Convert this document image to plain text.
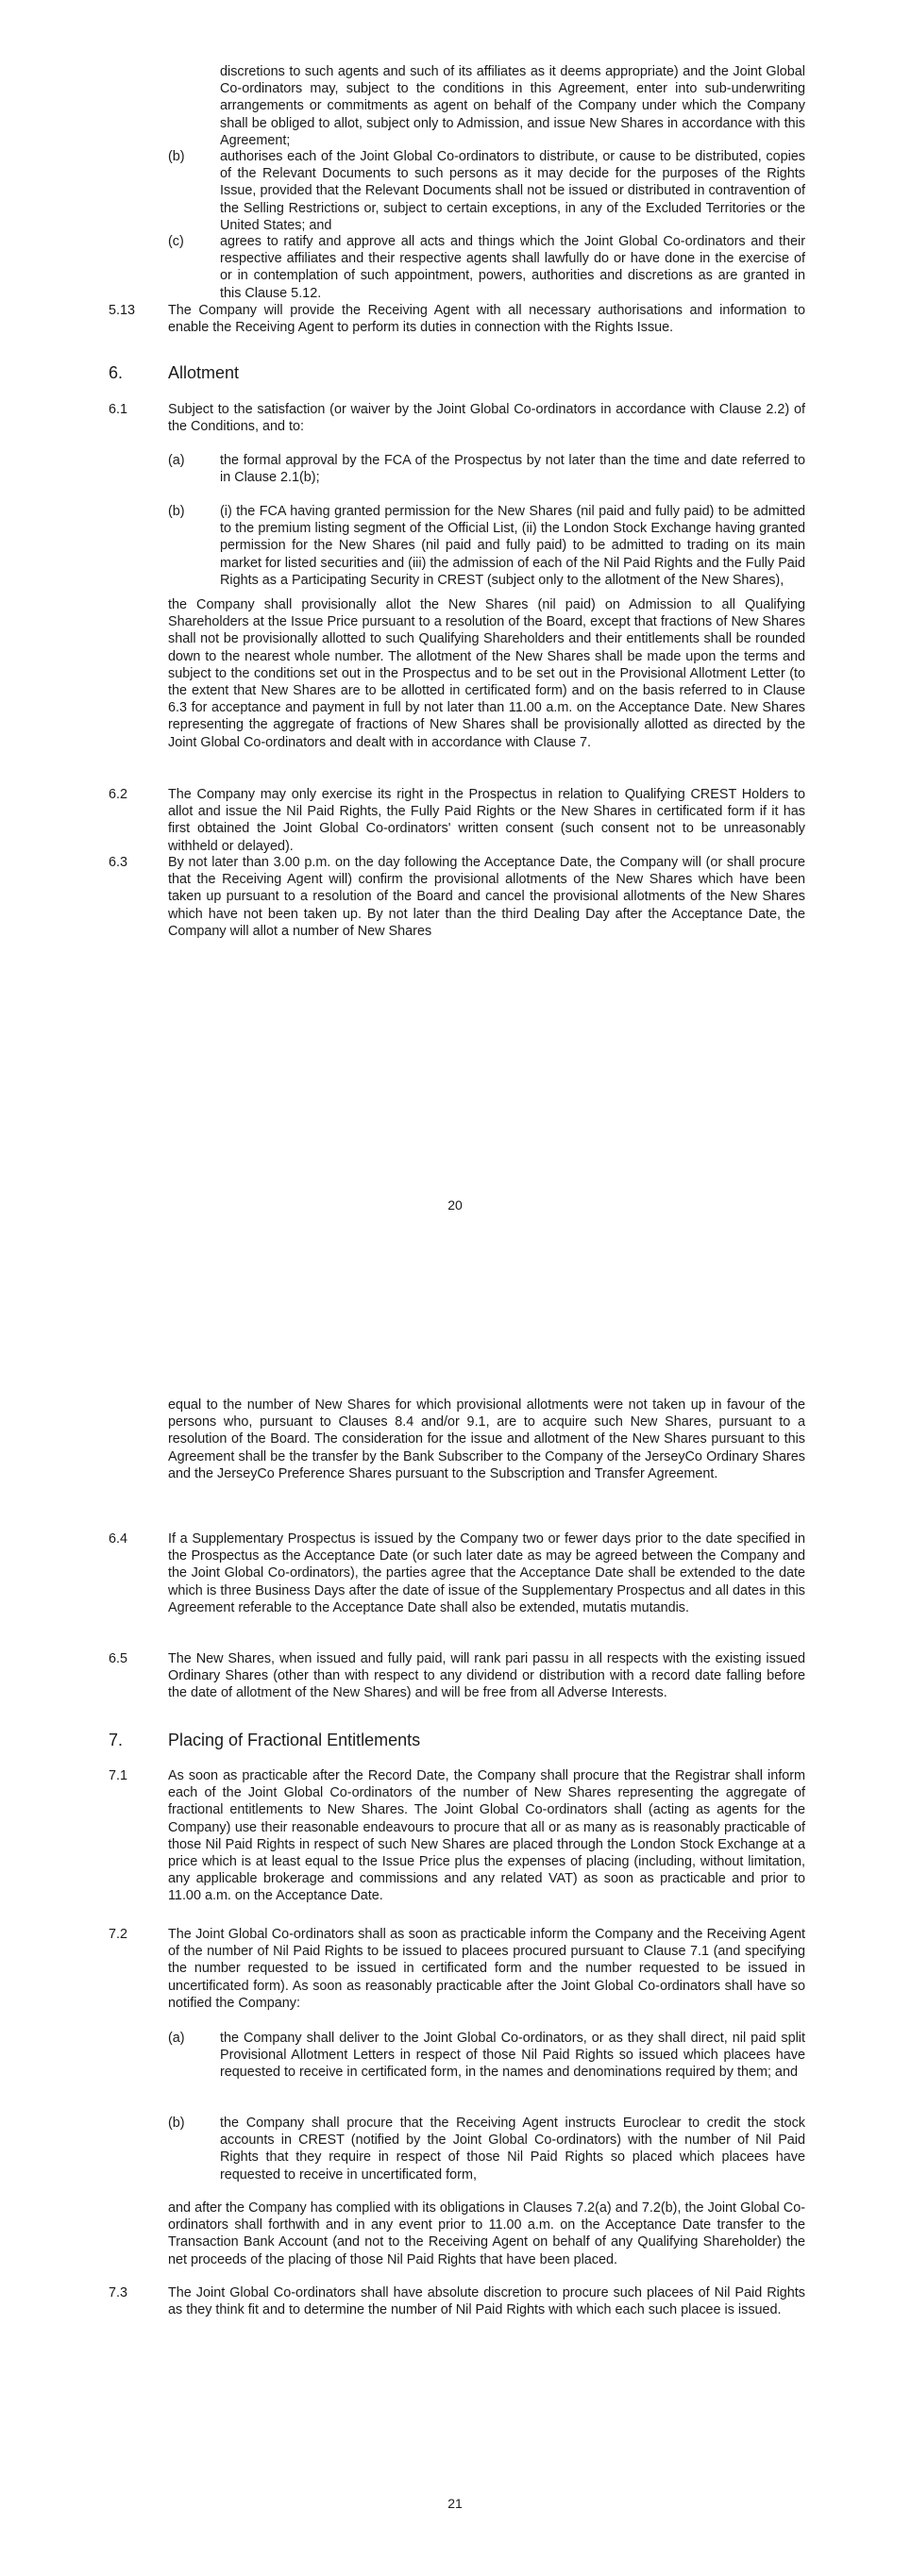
discretions to such agents and such of its affiliates as it deems appropriate) and the Joint Global Co-ordinators may, subject to the conditions in this Agreement, enter into sub-underwriting arrangements or commitments as agent on behalf of the Company under which the Company shall be obliged to allot, subject only to Admission, and issue New Shares in accordance with this Agreement;

(b)	authorises each of the Joint Global Co-ordinators to distribute, or cause to be distributed, copies of the Relevant Documents to such persons as it may decide for the purposes of the Rights Issue, provided that the Relevant Documents shall not be issued or distributed in contravention of the Selling Restrictions or, subject to certain exceptions, in any of the Excluded Territories or the United States; and

(c)	agrees to ratify and approve all acts and things which the Joint Global Co-ordinators and their respective affiliates and their respective agents shall lawfully do or have done in the exercise of or in contemplation of such appointment, powers, authorities and discretions as are granted in this Clause 5.12.

5.13 The Company will provide the Receiving Agent with all necessary authorisations and information to enable the Receiving Agent to perform its duties in connection with the Rights Issue.

6.	Allotment
6.1	Subject to the satisfaction (or waiver by the Joint Global Co-ordinators in accordance with Clause 2.2) of the Conditions, and to:

(a)	the formal approval by the FCA of the Prospectus by not later than the time and date referred to in Clause 2.1(b);

(b)	(i) the FCA having granted permission for the New Shares (nil paid and fully paid) to be admitted to the premium listing segment of the Official List, (ii) the London Stock Exchange having granted permission for the New Shares (nil paid and fully paid) to be admitted to trading on its main market for listed securities and (iii) the admission of each of the Nil Paid Rights and the Fully Paid Rights as a Participating Security in CREST (subject only to the allotment of the New Shares),

the Company shall provisionally allot the New Shares (nil paid) on Admission to all Qualifying Shareholders at the Issue Price pursuant to a resolution of the Board, except that fractions of New Shares shall not be provisionally allotted to such Qualifying Shareholders and their entitlements shall be rounded down to the nearest whole number. The allotment of the New Shares shall be made upon the terms and subject to the conditions set out in the Prospectus and to be set out in the Provisional Allotment Letter (to the extent that New Shares are to be allotted in certificated form) and on the basis referred to in Clause 6.3 for acceptance and payment in full by not later than 11.00 a.m. on the Acceptance Date. New Shares representing the aggregate of fractions of New Shares shall be provisionally allotted as directed by the Joint Global Co-ordinators and dealt with in accordance with Clause 7.

6.2	The Company may only exercise its right in the Prospectus in relation to Qualifying CREST Holders to allot and issue the Nil Paid Rights, the Fully Paid Rights or the New Shares in certificated form if it has first obtained the Joint Global Co-ordinators' written consent (such consent not to be unreasonably withheld or delayed).

6.3	By not later than 3.00 p.m. on the day following the Acceptance Date, the Company will (or shall procure that the Receiving Agent will) confirm the provisional allotments of the New Shares which have been taken up pursuant to a resolution of the Board and cancel the provisional allotments of the New Shares which have not been taken up. By not later than the third Dealing Day after the Acceptance Date, the Company will allot a number of New Shares

20

equal to the number of New Shares for which provisional allotments were not taken up in favour of the persons who, pursuant to Clauses 8.4 and/or 9.1, are to acquire such New Shares, pursuant to a resolution of the Board. The consideration for the issue and allotment of the New Shares pursuant to this Agreement shall be the transfer by the Bank Subscriber to the Company of the JerseyCo Ordinary Shares and the JerseyCo Preference Shares pursuant to the Subscription and Transfer Agreement.

6.4	If a Supplementary Prospectus is issued by the Company two or fewer days prior to the date specified in the Prospectus as the Acceptance Date (or such later date as may be agreed between the Company and the Joint Global Co-ordinators), the parties agree that the Acceptance Date shall be extended to the date which is three Business Days after the date of issue of the Supplementary Prospectus and all dates in this Agreement referable to the Acceptance Date shall also be extended, mutatis mutandis.

6.5	The New Shares, when issued and fully paid, will rank pari passu in all respects with the existing issued Ordinary Shares (other than with respect to any dividend or distribution with a record date falling before the date of allotment of the New Shares) and will be free from all Adverse Interests.

7.	Placing of Fractional Entitlements
7.1	As soon as practicable after the Record Date, the Company shall procure that the Registrar shall inform each of the Joint Global Co-ordinators of the number of New Shares representing the aggregate of fractional entitlements to New Shares. The Joint Global Co-ordinators shall (acting as agents for the Company) use their reasonable endeavours to procure that all or as many as is reasonably practicable of those Nil Paid Rights in respect of such New Shares are placed through the London Stock Exchange at a price which is at least equal to the Issue Price plus the expenses of placing (including, without limitation, any applicable brokerage and commissions and any related VAT) as soon as practicable and prior to 11.00 a.m. on the Acceptance Date.

7.2	The Joint Global Co-ordinators shall as soon as practicable inform the Company and the Receiving Agent of the number of Nil Paid Rights to be issued to placees procured pursuant to Clause 7.1 (and specifying the number requested to be issued in certificated form and the number requested to be issued in uncertificated form). As soon as reasonably practicable after the Joint Global Co-ordinators shall have so notified the Company:

(a)	the Company shall deliver to the Joint Global Co-ordinators, or as they shall direct, nil paid split Provisional Allotment Letters in respect of those Nil Paid Rights so issued which placees have requested to receive in certificated form, in the names and denominations required by them; and

(b)	the Company shall procure that the Receiving Agent instructs Euroclear to credit the stock accounts in CREST (notified by the Joint Global Co-ordinators) with the number of Nil Paid Rights that they require in respect of those Nil Paid Rights so placed which placees have requested to receive in uncertificated form,

and after the Company has complied with its obligations in Clauses 7.2(a) and 7.2(b), the Joint Global Co-ordinators shall forthwith and in any event prior to 11.00 a.m. on the Acceptance Date transfer to the Transaction Bank Account (and not to the Receiving Agent on behalf of any Qualifying Shareholder) the net proceeds of the placing of those Nil Paid Rights that have been placed.

7.3	The Joint Global Co-ordinators shall have absolute discretion to procure such placees of Nil Paid Rights as they think fit and to determine the number of Nil Paid Rights with which each such placee is issued.

21
